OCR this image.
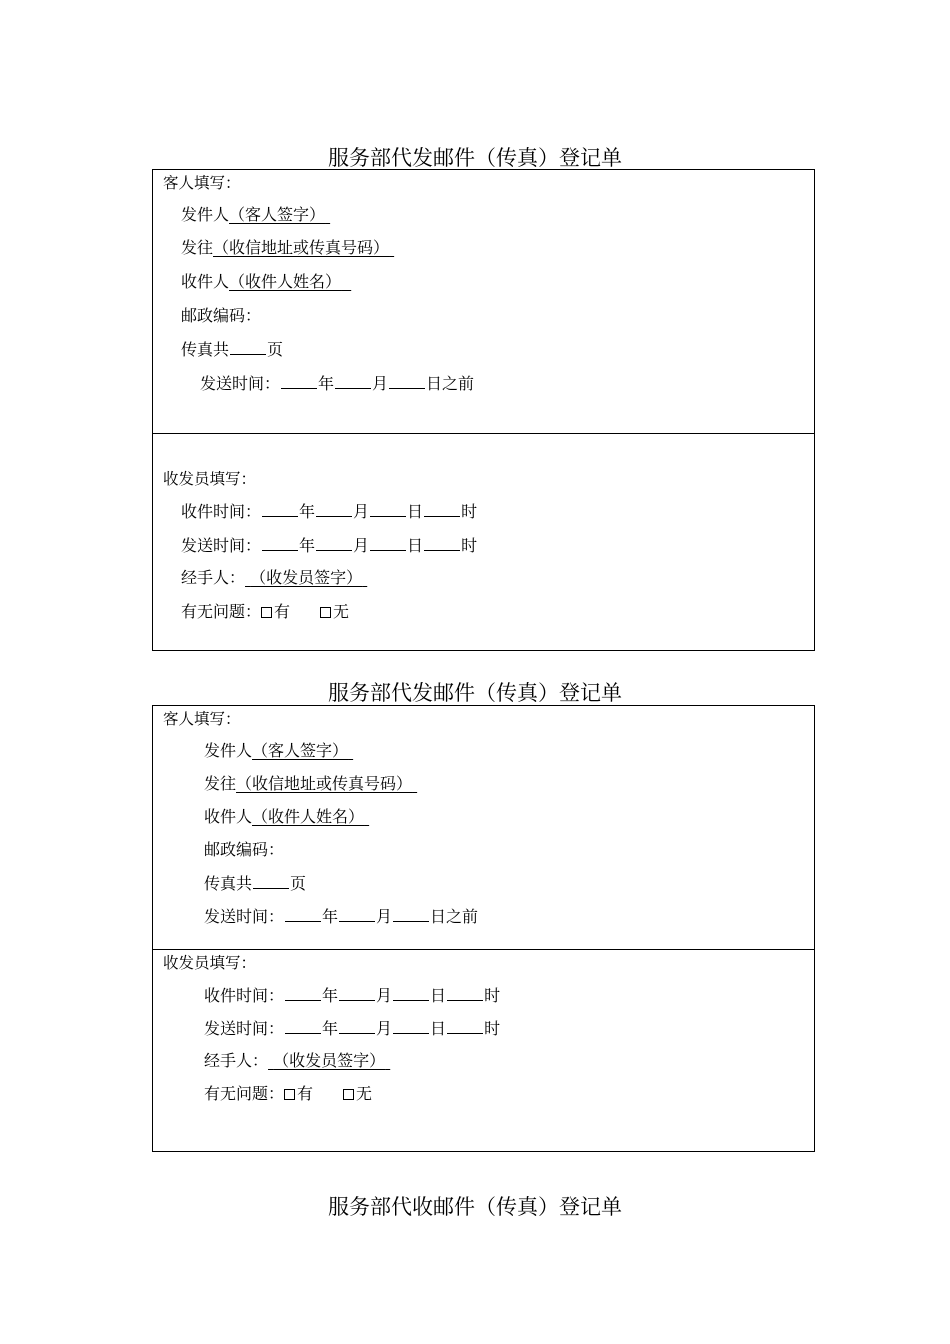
服务部代发邮件（传真）登记单
客人填写：
发件人（客人签字）
发往（收信地址或传真号码）
收件人（收件人姓名）
邮政编码：
传真共 页
发送时间： 年 月 日之前
收发员填写：
收件时间： 年 月 日 时
发送时间： 年 月 日 时
经手人： （收发员签字）
有无问题： 有	无
服务部代发邮件（传真）登记单
客人填写：
发件人（客人签字）
发往（收信地址或传真号码）
收件人（收件人姓名）
邮政编码：
传真共 页
发送时间： 年 月 日之前
收发员填写：
收件时间： 年 月 日 时
发送时间： 年 月 日 时
经手人： （收发员签字）
有无问题： 有	无
服务部代收邮件（传真）登记单
